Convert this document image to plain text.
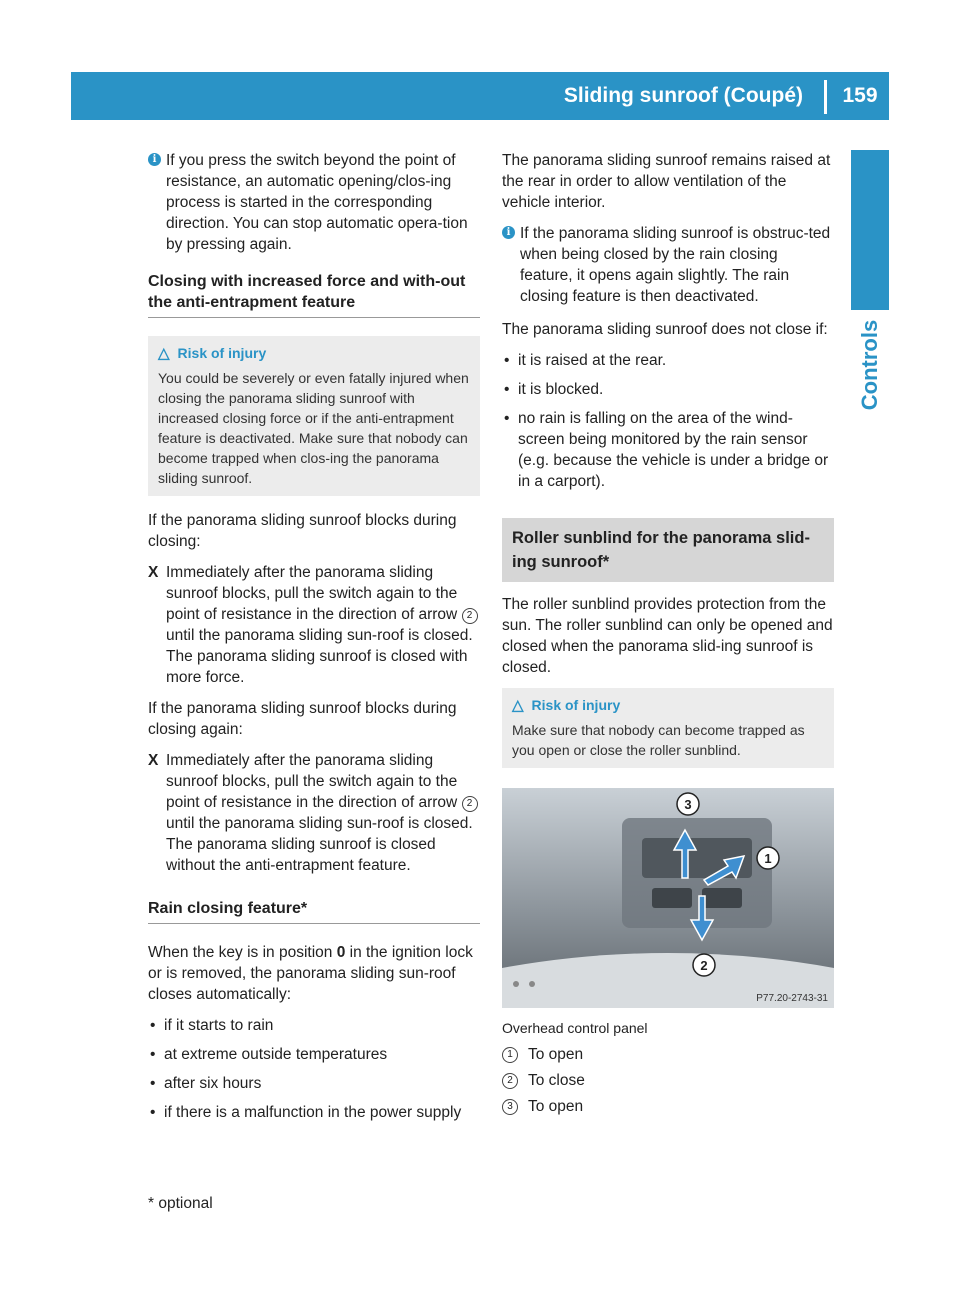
Sliding sunroof (Coupé)	159
Controls
i If you press the switch beyond the point of resistance, an automatic opening/clos-ing process is started in the corresponding direction. You can stop automatic opera-tion by pressing again.
Closing with increased force and with-out the anti-entrapment feature
△ Risk of injury
You could be severely or even fatally injured when closing the panorama sliding sunroof with increased closing force or if the anti-entrapment feature is deactivated. Make sure that nobody can become trapped when clos-ing the panorama sliding sunroof.

If the panorama sliding sunroof blocks during closing:

X Immediately after the panorama sliding sunroof blocks, pull the switch again to the point of resistance in the direction of arrow 2 until the panorama sliding sun-roof is closed.
The panorama sliding sunroof is closed with more force.

If the panorama sliding sunroof blocks during closing again:

X Immediately after the panorama sliding sunroof blocks, pull the switch again to the point of resistance in the direction of arrow 2 until the panorama sliding sun-roof is closed.
The panorama sliding sunroof is closed without the anti-entrapment feature.
Rain closing feature*

When the key is in position 0 in the ignition lock or is removed, the panorama sliding sun-roof closes automatically:

• if it starts to rain
• at extreme outside temperatures
• after six hours
• if there is a malfunction in the power supply

The panorama sliding sunroof remains raised at the rear in order to allow ventilation of the vehicle interior.

i If the panorama sliding sunroof is obstruc-ted when being closed by the rain closing feature, it opens again slightly. The rain closing feature is then deactivated.

The panorama sliding sunroof does not close if:

• it is raised at the rear.
• it is blocked.
• no rain is falling on the area of the wind-screen being monitored by the rain sensor (e.g. because the vehicle is under a bridge or in a carport).
Roller sunblind for the panorama slid-ing sunroof*

The roller sunblind provides protection from the sun. The roller sunblind can only be opened and closed when the panorama slid-ing sunroof is closed.

△ Risk of injury
Make sure that nobody can become trapped as you open or close the roller sunblind.
3
1
2
P77.20-2743-31
Overhead control panel
1 To open
2 To close
3 To open
* optional
